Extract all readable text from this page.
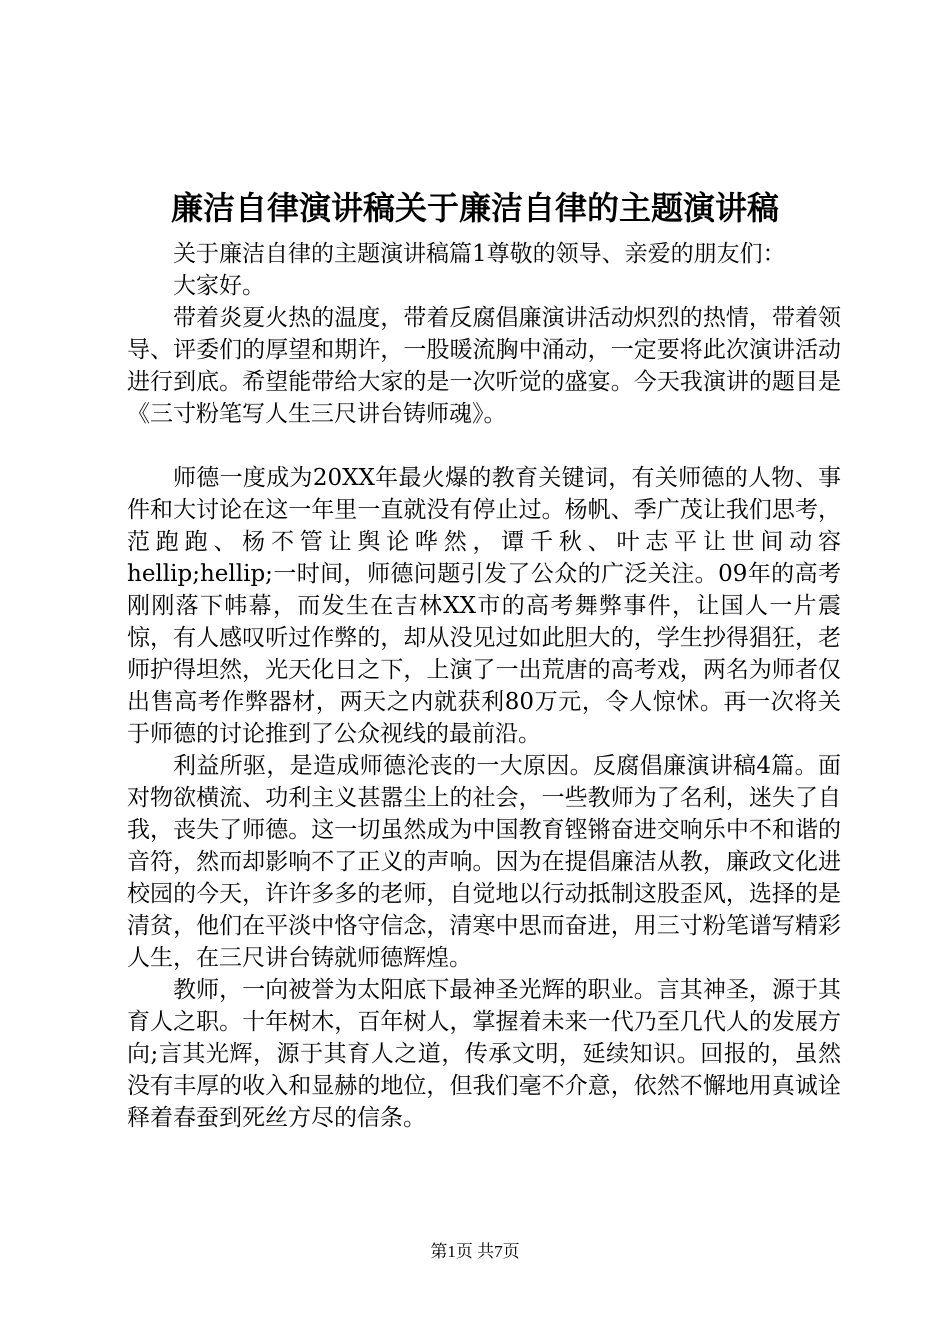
廉洁自律演讲稿关于廉洁自律的主题演讲稿

关于廉洁自律的主题演讲稿篇1尊敬的领导、亲爱的朋友们：

大家好。

带着炎夏火热的温度，带着反腐倡廉演讲活动炽烈的热情，带着领导、评委们的厚望和期许，一股暖流胸中涌动，一定要将此次演讲活动进行到底。希望能带给大家的是一次听觉的盛宴。今天我演讲的题目是《三寸粉笔写人生三尺讲台铸师魂》。

师德一度成为20XX年最火爆的教育关键词，有关师德的人物、事件和大讨论在这一年里一直就没有停止过。杨帆、季广茂让我们思考，范跑跑、杨不管让舆论哗然，谭千秋、叶志平让世间动容hellip;hellip;一时间，师德问题引发了公众的广泛关注。09年的高考刚刚落下帏幕，而发生在吉林XX市的高考舞弊事件，让国人一片震惊，有人感叹听过作弊的，却从没见过如此胆大的，学生抄得猖狂，老师护得坦然，光天化日之下，上演了一出荒唐的高考戏，两名为师者仅出售高考作弊器材，两天之内就获利80万元，令人惊怵。再一次将关于师德的讨论推到了公众视线的最前沿。

利益所驱，是造成师德沦丧的一大原因。反腐倡廉演讲稿4篇。面对物欲横流、功利主义甚嚣尘上的社会，一些教师为了名利，迷失了自我，丧失了师德。这一切虽然成为中国教育铿锵奋进交响乐中不和谐的音符，然而却影响不了正义的声响。因为在提倡廉洁从教，廉政文化进校园的今天，许许多多的老师，自觉地以行动抵制这股歪风，选择的是清贫，他们在平淡中恪守信念，清寒中思而奋进，用三寸粉笔谱写精彩人生，在三尺讲台铸就师德辉煌。

教师，一向被誉为太阳底下最神圣光辉的职业。言其神圣，源于其育人之职。十年树木，百年树人，掌握着未来一代乃至几代人的发展方向;言其光辉，源于其育人之道，传承文明，延续知识。回报的，虽然没有丰厚的收入和显赫的地位，但我们毫不介意，依然不懈地用真诚诠释着春蚕到死丝方尽的信条。

第1页 共7页
